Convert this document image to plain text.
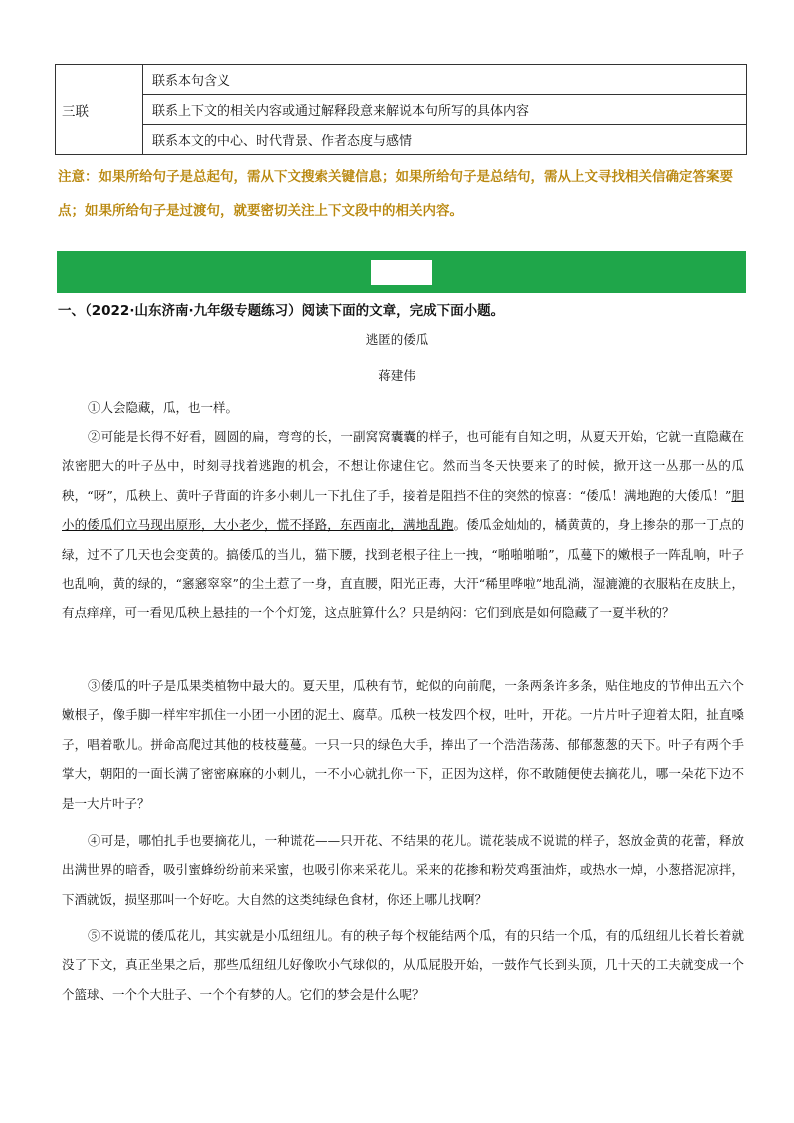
三联	联系本句含义
联系上下文的相关内容或通过解释段意来解说本句所写的具体内容
联系本文的中心、时代背景、作者态度与感情
注意：如果所给句子是总起句，需从下文搜索关键信息；如果所给句子是总结句，需从上文寻找相关信确定答案要点；如果所给句子是过渡句，就要密切关注上下文段中的相关内容。
一、（2022·山东济南·九年级专题练习）阅读下面的文章，完成下面小题。
逃匿的倭瓜
蒋建伟

①人会隐藏，瓜，也一样。

②可能是长得不好看，圆圆的扁，弯弯的长，一副窝窝囊囊的样子，也可能有自知之明，从夏天开始，它就一直隐藏在浓密肥大的叶子丛中，时刻寻找着逃跑的机会，不想让你逮住它。然而当冬天快要来了的时候，掀开这一丛那一丛的瓜秧，“呀”，瓜秧上、黄叶子背面的许多小刺儿一下扎住了手，接着是阻挡不住的突然的惊喜：“倭瓜！满地跑的大倭瓜！”胆小的倭瓜们立马现出原形，大小老少，慌不择路，东西南北，满地乱跑。倭瓜金灿灿的，橘黄黄的，身上掺杂的那一丁点的绿，过不了几天也会变黄的。搞倭瓜的当儿，猫下腰，找到老根子往上一拽，“啪啪啪啪”，瓜蔓下的嫩根子一阵乱响，叶子也乱响，黄的绿的，“窸窸窣窣”的尘土惹了一身，直直腰，阳光正毒，大汗“稀里哗啦”地乱淌，湿漉漉的衣服粘在皮肤上，有点痒痒，可一看见瓜秧上悬挂的一个个灯笼，这点脏算什么？只是纳闷：它们到底是如何隐藏了一夏半秋的？

③倭瓜的叶子是瓜果类植物中最大的。夏天里，瓜秧有节，蛇似的向前爬，一条两条许多条，贴住地皮的节伸出五六个嫩根子，像手脚一样牢牢抓住一小团一小团的泥土、腐草。瓜秧一枝发四个杈，吐叶，开花。一片片叶子迎着太阳，扯直嗓子，唱着歌儿。拼命高爬过其他的枝枝蔓蔓。一只一只的绿色大手，捧出了一个浩浩荡荡、郁郁葱葱的天下。叶子有两个手掌大，朝阳的一面长满了密密麻麻的小刺儿，一不小心就扎你一下，正因为这样，你不敢随便使去摘花儿，哪一朵花下边不是一大片叶子？

④可是，哪怕扎手也要摘花儿，一种谎花——只开花、不结果的花儿。谎花装成不说谎的样子，怒放金黄的花蕾，释放出满世界的暗香，吸引蜜蜂纷纷前来采蜜，也吸引你来采花儿。采来的花掺和粉芡鸡蛋油炸，或热水一焯，小葱搭泥凉拌，下酒就饭，损坚那叫一个好吃。大自然的这类纯绿色食材，你还上哪儿找啊？

⑤不说谎的倭瓜花儿，其实就是小瓜纽纽儿。有的秧子每个杈能结两个瓜，有的只结一个瓜，有的瓜纽纽儿长着长着就没了下文，真正坐果之后，那些瓜纽纽儿好像吹小气球似的，从瓜屁股开始，一鼓作气长到头顶，几十天的工夫就变成一个个篮球、一个个大肚子、一个个有梦的人。它们的梦会是什么呢？
